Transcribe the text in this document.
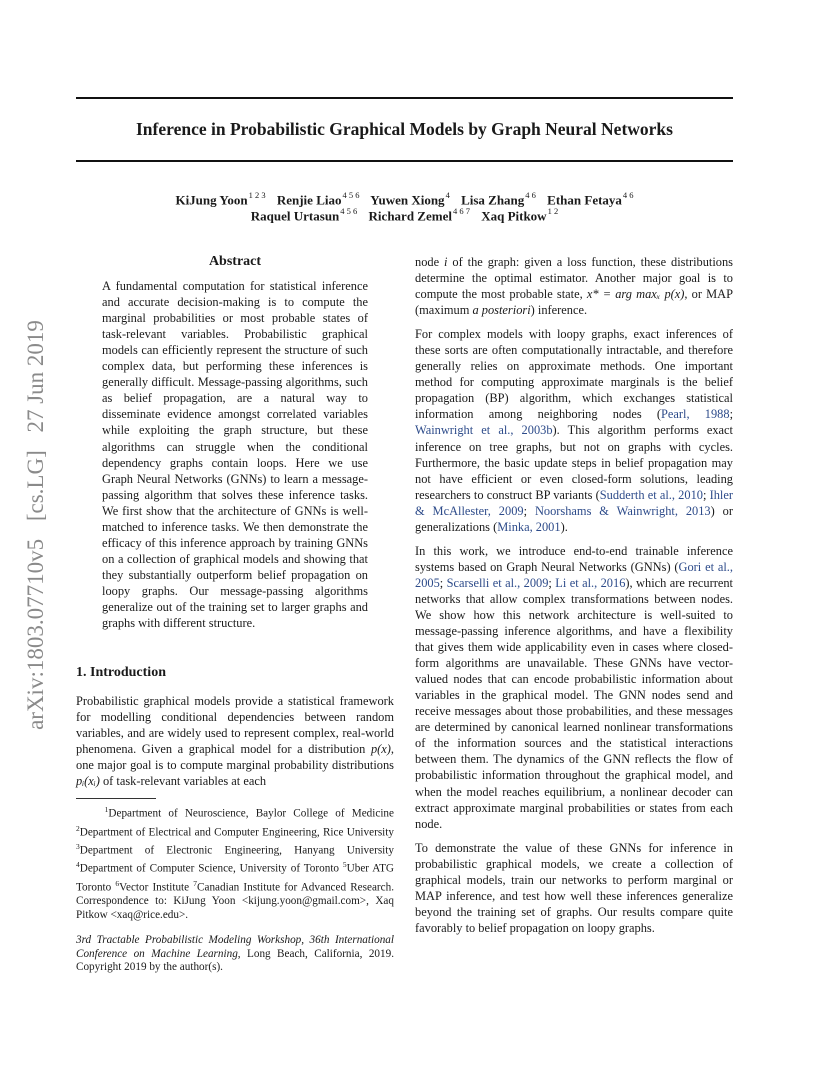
Inference in Probabilistic Graphical Models by Graph Neural Networks
KiJung Yoon$^{1 2 3}$ Renjie Liao$^{4 5 6}$ Yuwen Xiong$^4$ Lisa Zhang$^{4 6}$ Ethan Fetaya$^{4 6}$
Raquel Urtasun$^{4 5 6}$ Richard Zemel$^{4 6 7}$ Xaq Pitkow$^{1 2}$
arXiv:1803.07710v5 [cs.LG] 27 Jun 2019
Abstract

A fundamental computation for statistical inference and accurate decision-making is to compute the marginal probabilities or most probable states of task-relevant variables. Probabilistic graphical models can efficiently represent the structure of such complex data, but performing these inferences is generally difficult. Message-passing algorithms, such as belief propagation, are a natural way to disseminate evidence amongst correlated variables while exploiting the graph structure, but these algorithms can struggle when the conditional dependency graphs contain loops. Here we use Graph Neural Networks (GNNs) to learn a message-passing algorithm that solves these inference tasks. We first show that the architecture of GNNs is well-matched to inference tasks. We then demonstrate the efficacy of this inference approach by training GNNs on a collection of graphical models and showing that they substantially outperform belief propagation on loopy graphs. Our message-passing algorithms generalize out of the training set to larger graphs and graphs with different structure.

1. Introduction

Probabilistic graphical models provide a statistical framework for modelling conditional dependencies between random variables, and are widely used to represent complex, real-world phenomena. Given a graphical model for a distribution p(x), one major goal is to compute marginal probability distributions pᵢ(xᵢ) of task-relevant variables at each

$^1$Department of Neuroscience, Baylor College of Medicine $^2$Department of Electrical and Computer Engineering, Rice University $^3$Department of Electronic Engineering, Hanyang University $^4$Department of Computer Science, University of Toronto $^5$Uber ATG Toronto $^6$Vector Institute $^7$Canadian Institute for Advanced Research. Correspondence to: KiJung Yoon <kijung.yoon@gmail.com>, Xaq Pitkow <xaq@rice.edu>.
3rd Tractable Probabilistic Modeling Workshop, 36th International Conference on Machine Learning, Long Beach, California, 2019. Copyright 2019 by the author(s).

node i of the graph: given a loss function, these distributions determine the optimal estimator. Another major goal is to compute the most probable state, x* = arg maxₓ p(x), or MAP (maximum a posteriori) inference.

For complex models with loopy graphs, exact inferences of these sorts are often computationally intractable, and therefore generally relies on approximate methods. One important method for computing approximate marginals is the belief propagation (BP) algorithm, which exchanges statistical information among neighboring nodes (Pearl, 1988; Wainwright et al., 2003b). This algorithm performs exact inference on tree graphs, but not on graphs with cycles. Furthermore, the basic update steps in belief propagation may not have efficient or even closed-form solutions, leading researchers to construct BP variants (Sudderth et al., 2010; Ihler & McAllester, 2009; Noorshams & Wainwright, 2013) or generalizations (Minka, 2001).

In this work, we introduce end-to-end trainable inference systems based on Graph Neural Networks (GNNs) (Gori et al., 2005; Scarselli et al., 2009; Li et al., 2016), which are recurrent networks that allow complex transformations between nodes. We show how this network architecture is well-suited to message-passing inference algorithms, and have a flexibility that gives them wide applicability even in cases where closed-form algorithms are unavailable. These GNNs have vector-valued nodes that can encode probabilistic information about variables in the graphical model. The GNN nodes send and receive messages about those probabilities, and these messages are determined by canonical learned nonlinear transformations of the information sources and the statistical interactions between them. The dynamics of the GNN reflects the flow of probabilistic information throughout the graphical model, and when the model reaches equilibrium, a nonlinear decoder can extract approximate marginal probabilities or states from each node.

To demonstrate the value of these GNNs for inference in probabilistic graphical models, we create a collection of graphical models, train our networks to perform marginal or MAP inference, and test how well these inferences generalize beyond the training set of graphs. Our results compare quite favorably to belief propagation on loopy graphs.
